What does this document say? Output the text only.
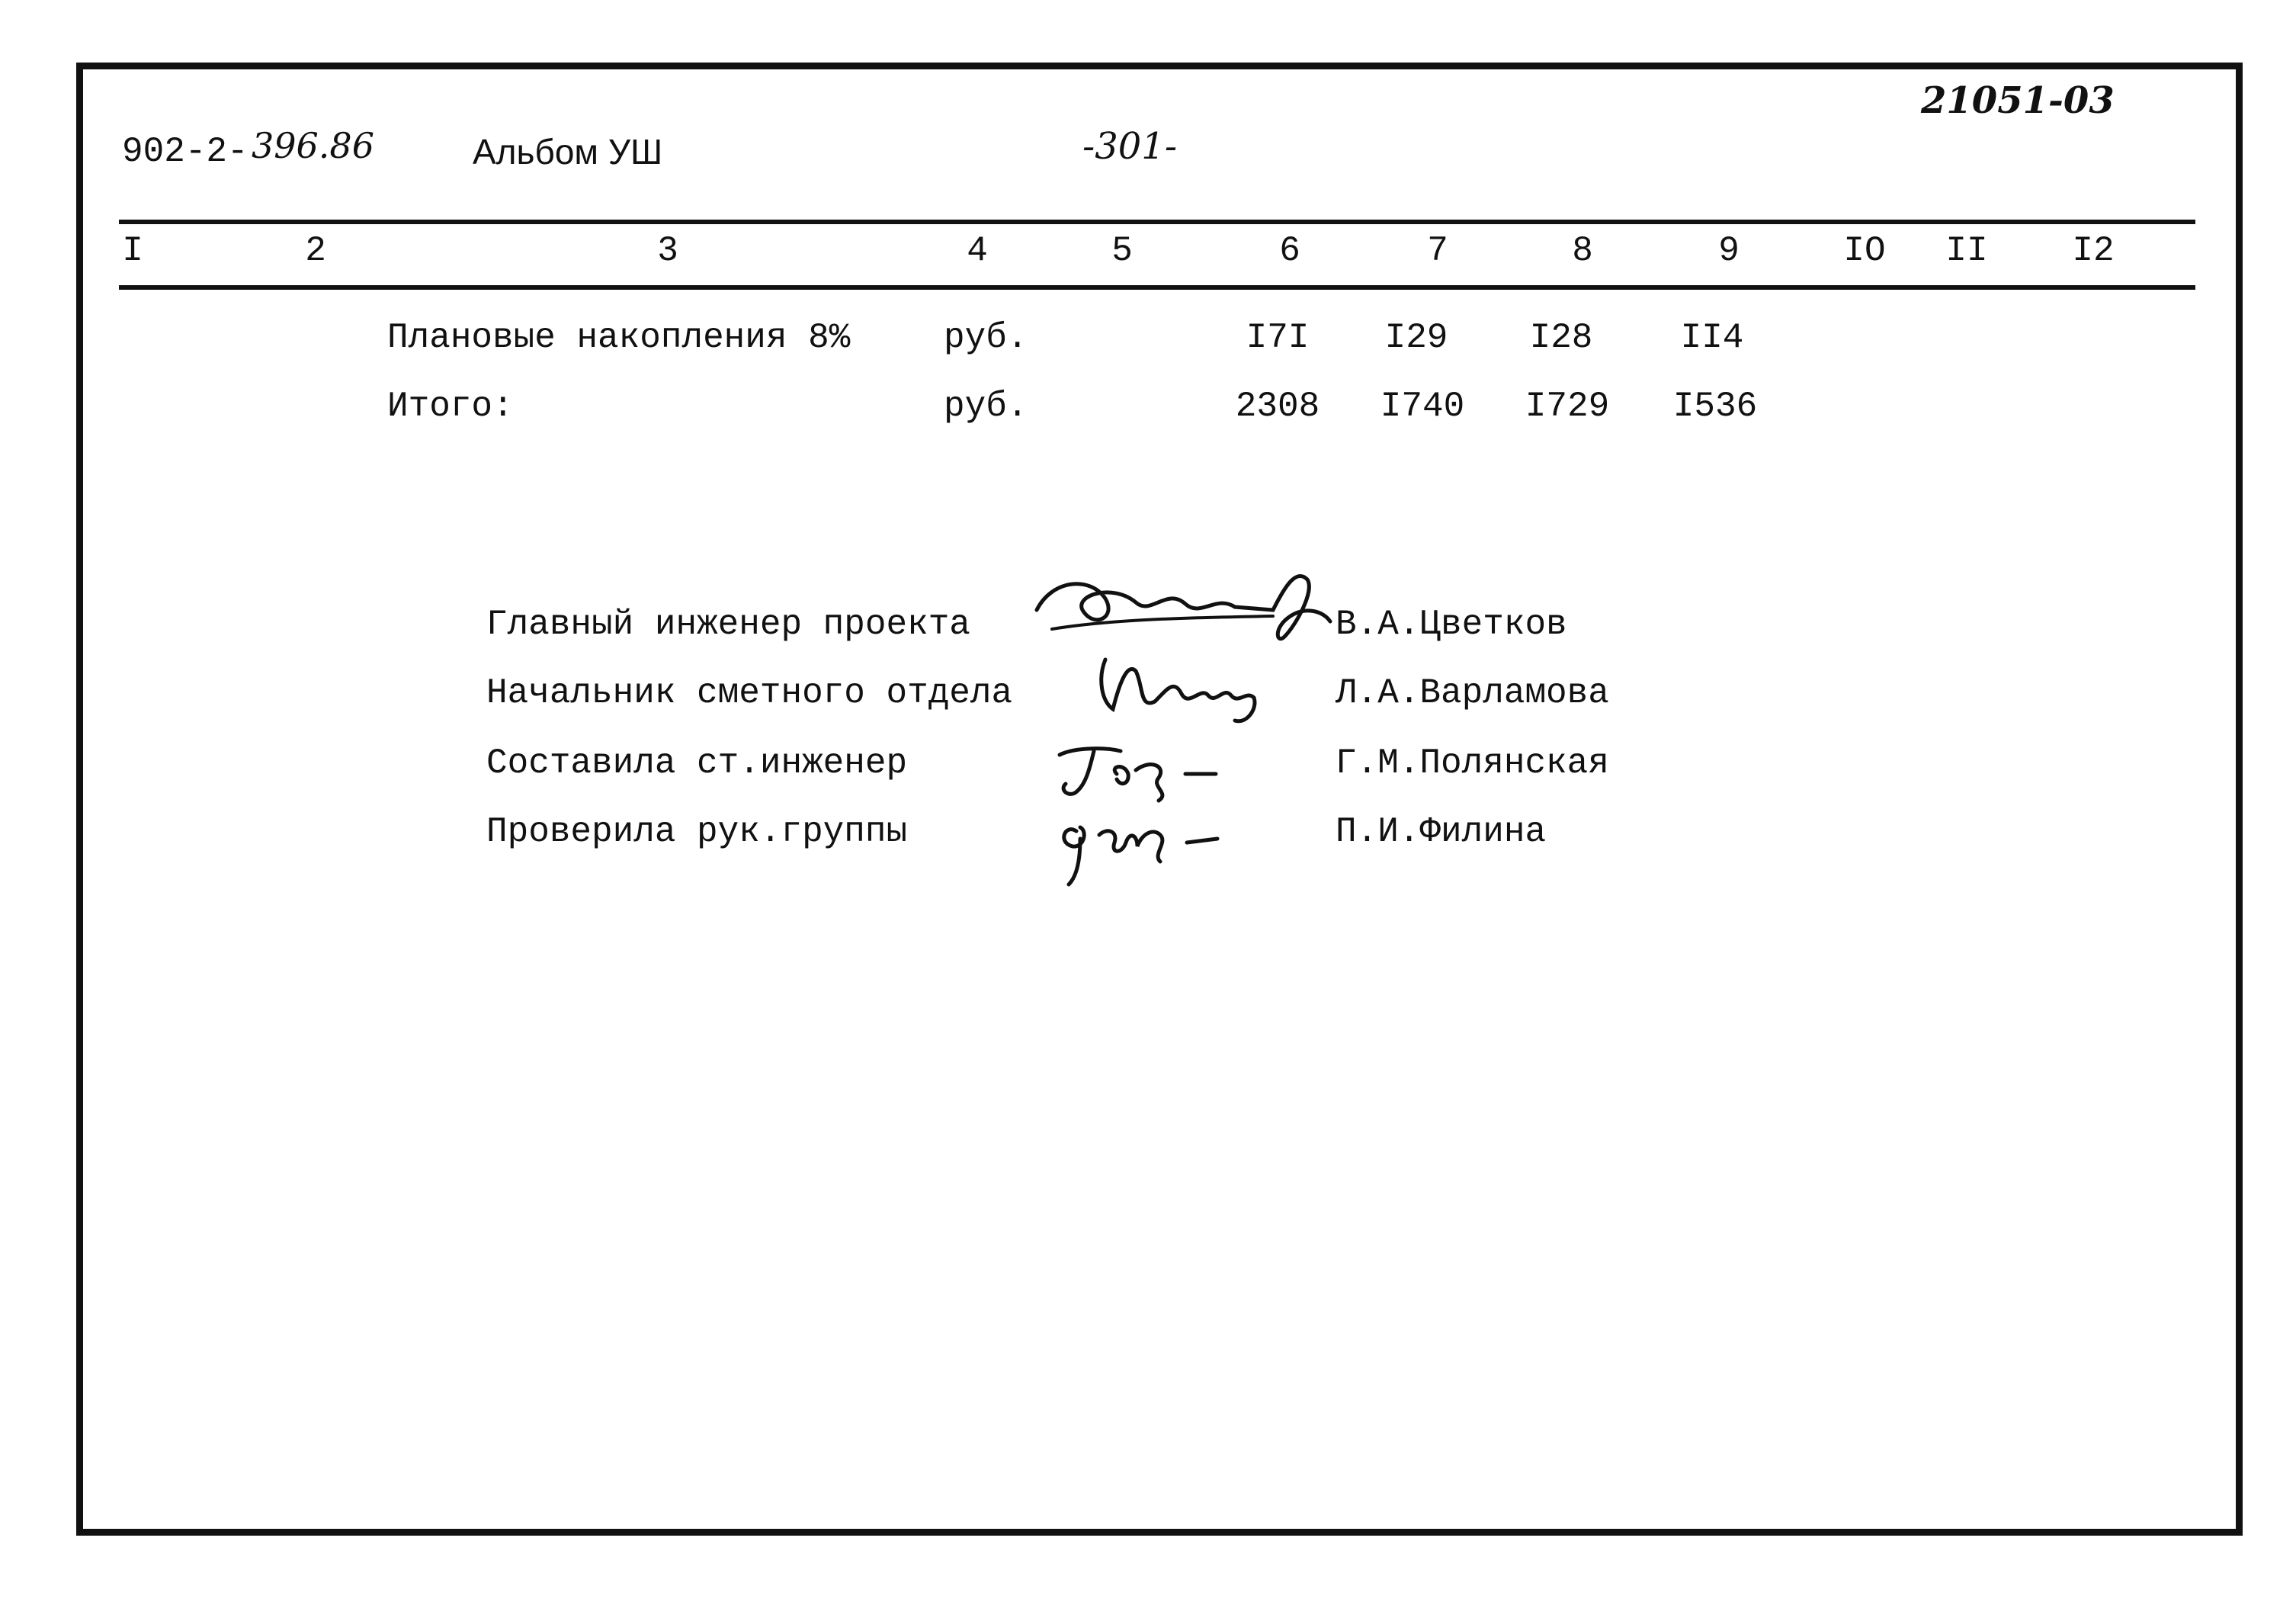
902-2- 396.86	Альбом УШ	-301-
21051-03
I	2	3	4	5	6	7	8	9	IO II I2
Плановые накопления 8%	руб.	I7I I29 I28	II4
Итого:	руб.	2308 I740 I729 I536
Главный инженер проекта	В.А.Цветков
Начальник сметного отдела	Л.А.Варламова
Составила ст.инженер	Г.М.Полянская
Проверила рук.группы	П.И.Филина
